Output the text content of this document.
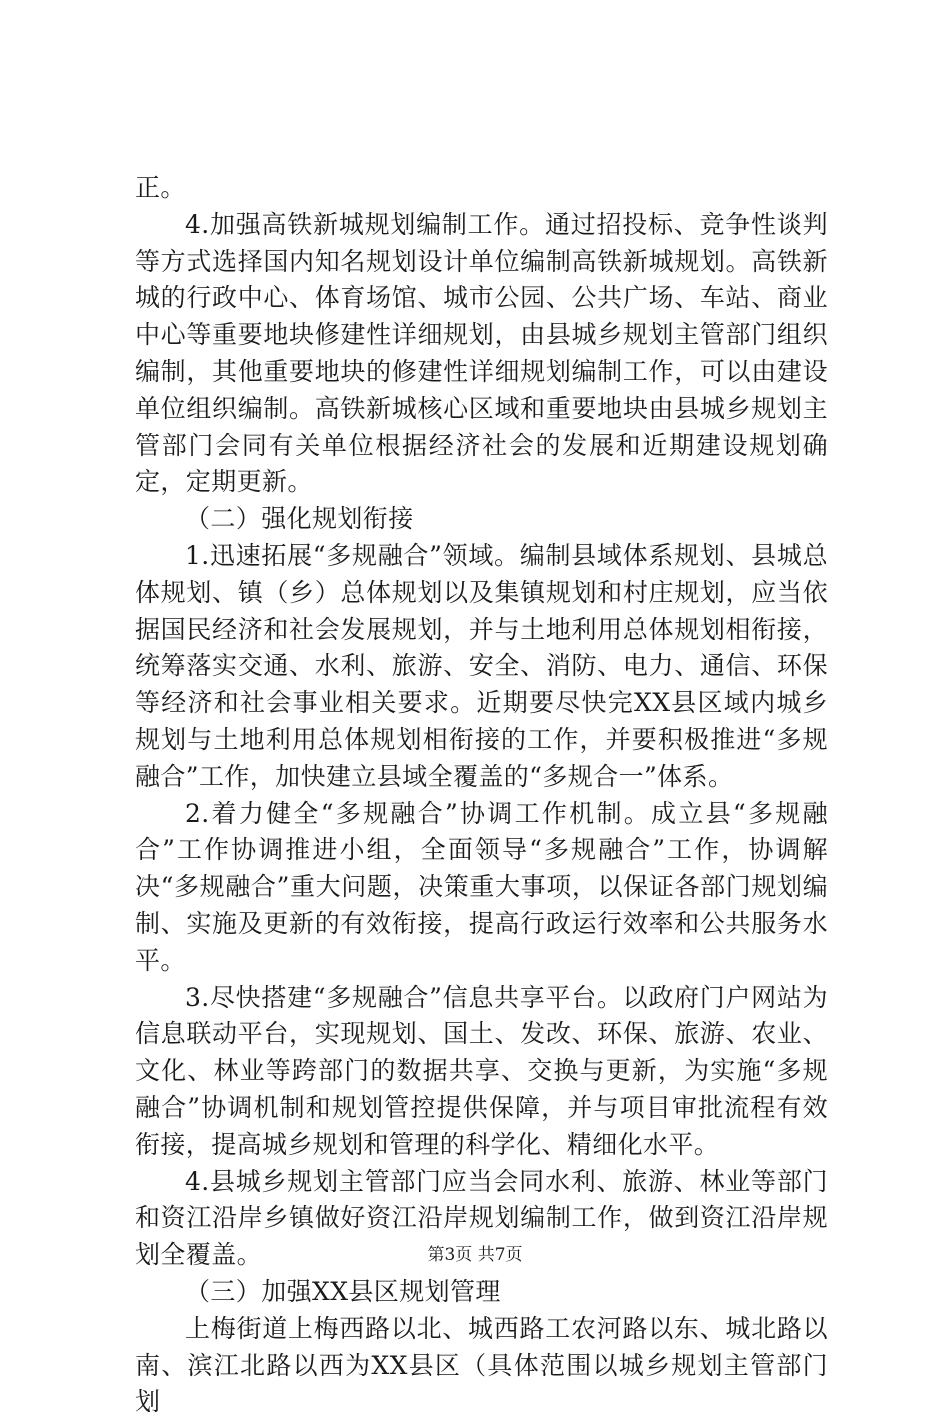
正。

4.加强高铁新城规划编制工作。通过招投标、竞争性谈判等方式选择国内知名规划设计单位编制高铁新城规划。高铁新城的行政中心、体育场馆、城市公园、公共广场、车站、商业中心等重要地块修建性详细规划，由县城乡规划主管部门组织编制，其他重要地块的修建性详细规划编制工作，可以由建设单位组织编制。高铁新城核心区域和重要地块由县城乡规划主管部门会同有关单位根据经济社会的发展和近期建设规划确定，定期更新。

（二）强化规划衔接

1.迅速拓展“多规融合”领域。编制县域体系规划、县城总体规划、镇（乡）总体规划以及集镇规划和村庄规划，应当依据国民经济和社会发展规划，并与土地利用总体规划相衔接，统筹落实交通、水利、旅游、安全、消防、电力、通信、环保等经济和社会事业相关要求。近期要尽快完XX县区域内城乡规划与土地利用总体规划相衔接的工作，并要积极推进“多规融合”工作，加快建立县域全覆盖的“多规合一”体系。

2.着力健全“多规融合”协调工作机制。成立县“多规融合”工作协调推进小组，全面领导“多规融合”工作，协调解决“多规融合”重大问题，决策重大事项，以保证各部门规划编制、实施及更新的有效衔接，提高行政运行效率和公共服务水平。

3.尽快搭建“多规融合”信息共享平台。以政府门户网站为信息联动平台，实现规划、国土、发改、环保、旅游、农业、文化、林业等跨部门的数据共享、交换与更新，为实施“多规融合”协调机制和规划管控提供保障，并与项目审批流程有效衔接，提高城乡规划和管理的科学化、精细化水平。

4.县城乡规划主管部门应当会同水利、旅游、林业等部门和资江沿岸乡镇做好资江沿岸规划编制工作，做到资江沿岸规划全覆盖。

（三）加强XX县区规划管理

上梅街道上梅西路以北、城西路工农河路以东、城北路以南、滨江北路以西为XX县区（具体范围以城乡规划主管部门划

第3页 共7页
